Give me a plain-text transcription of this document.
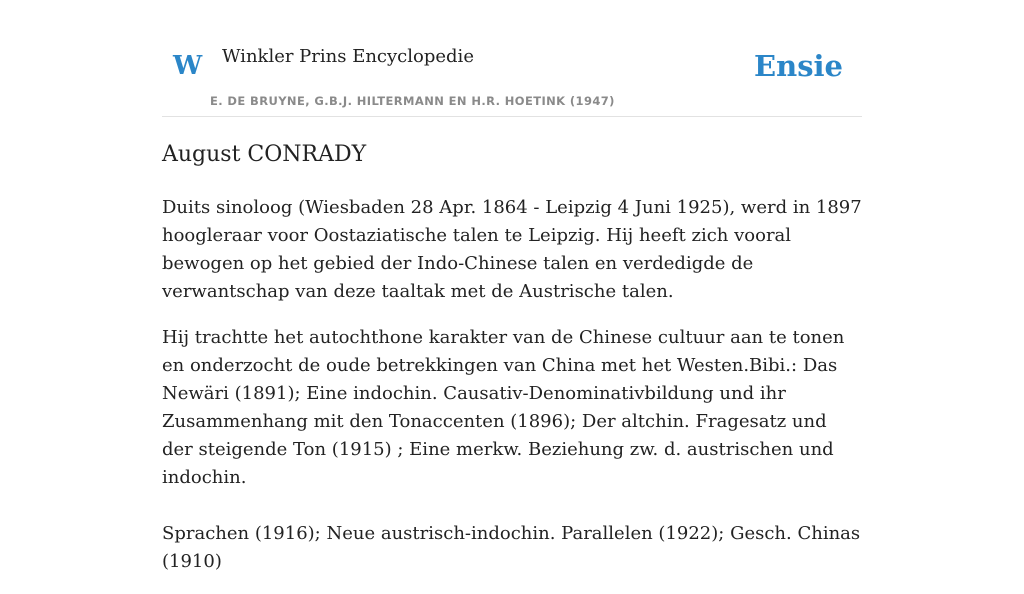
W Winkler Prins Encyclopedie
E. DE BRUYNE, G.B.J. HILTERMANN EN H.R. HOETINK (1947)
Ensie
August CONRADY

Duits sinoloog (Wiesbaden 28 Apr. 1864 - Leipzig 4 Juni 1925), werd in 1897 hoogleraar voor Oostaziatische talen te Leipzig. Hij heeft zich vooral bewogen op het gebied der Indo-Chinese talen en verdedigde de verwantschap van deze taaltak met de Austrische talen.

Hij trachtte het autochthone karakter van de Chinese cultuur aan te tonen en onderzocht de oude betrekkingen van China met het Westen.Bibi.: Das Newäri (1891); Eine indochin. Causativ-Denominativbildung und ihr Zusammenhang mit den Tonaccenten (1896); Der altchin. Fragesatz und der steigende Ton (1915) ; Eine merkw. Beziehung zw. d. austrischen und indochin.

Sprachen (1916); Neue austrisch-indochin. Parallelen (1922); Gesch. Chinas (1910)
